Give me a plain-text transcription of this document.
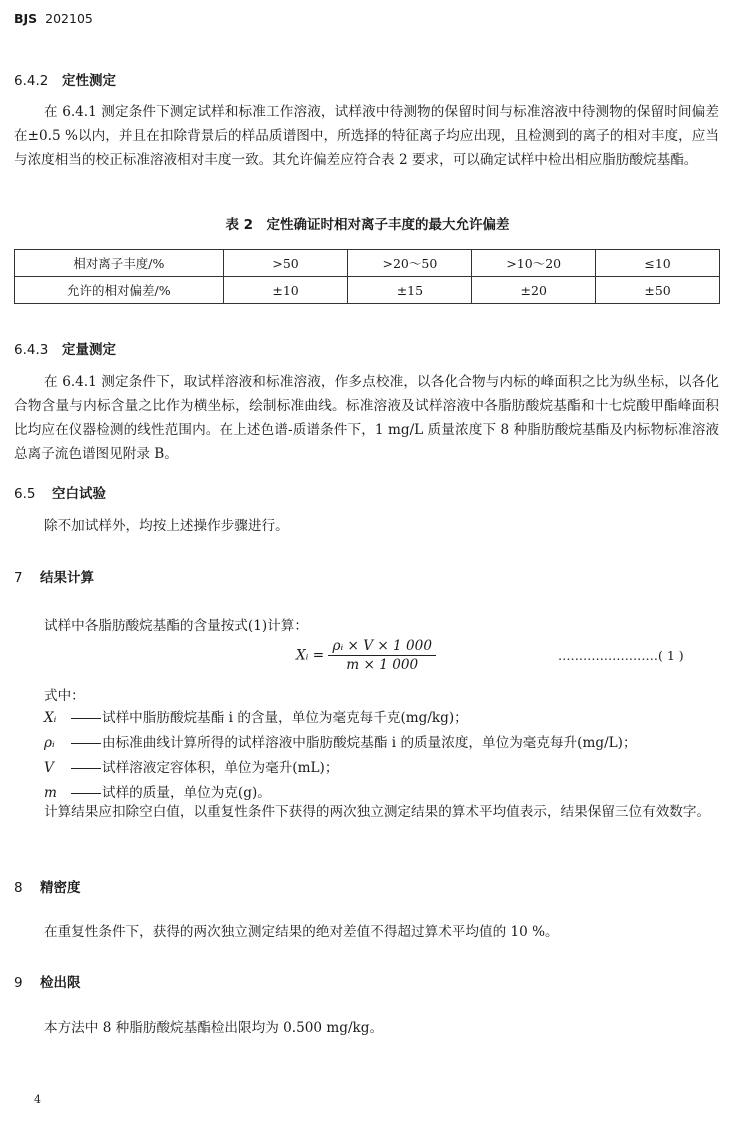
BJS 202105
6.4.2 定性测定
在 6.4.1 测定条件下测定试样和标准工作溶液，试样液中待测物的保留时间与标准溶液中待测物的保留时间偏差在±0.5 %以内，并且在扣除背景后的样品质谱图中，所选择的特征离子均应出现，且检测到的离子的相对丰度，应当与浓度相当的校正标准溶液相对丰度一致。其允许偏差应符合表 2 要求，可以确定试样中检出相应脂肪酸烷基酯。
表 2　定性确证时相对离子丰度的最大允许偏差
相对离子丰度/%	>50	>20～50	>10～20	≤10
允许的相对偏差/%	±10	±15	±20	±50
6.4.3 定量测定
在 6.4.1 测定条件下，取试样溶液和标准溶液，作多点校准，以各化合物与内标的峰面积之比为纵坐标，以各化合物含量与内标含量之比作为横坐标，绘制标准曲线。标准溶液及试样溶液中各脂肪酸烷基酯和十七烷酸甲酯峰面积比均应在仪器检测的线性范围内。在上述色谱-质谱条件下，1 mg/L 质量浓度下 8 种脂肪酸烷基酯及内标物标准溶液总离子流色谱图见附录 B。
6.5 空白试验
除不加试样外，均按上述操作步骤进行。
7 结果计算
试样中各脂肪酸烷基酯的含量按式(1)计算：
Xᵢ = $\frac{\text{ρᵢ × V × 1 000}}{m \times 1 000}$	……………………( 1 )
式中：
Xᵢ	试样中脂肪酸烷基酯 i 的含量，单位为毫克每千克(mg/kg)；
ρᵢ	由标准曲线计算所得的试样溶液中脂肪酸烷基酯 i 的质量浓度，单位为毫克每升(mg/L)；
V	试样溶液定容体积，单位为毫升(mL)；
m	试样的质量，单位为克(g)。
计算结果应扣除空白值，以重复性条件下获得的两次独立测定结果的算术平均值表示，结果保留三位有效数字。
8 精密度
在重复性条件下，获得的两次独立测定结果的绝对差值不得超过算术平均值的 10 %。
9 检出限
本方法中 8 种脂肪酸烷基酯检出限均为 0.500 mg/kg。
4
